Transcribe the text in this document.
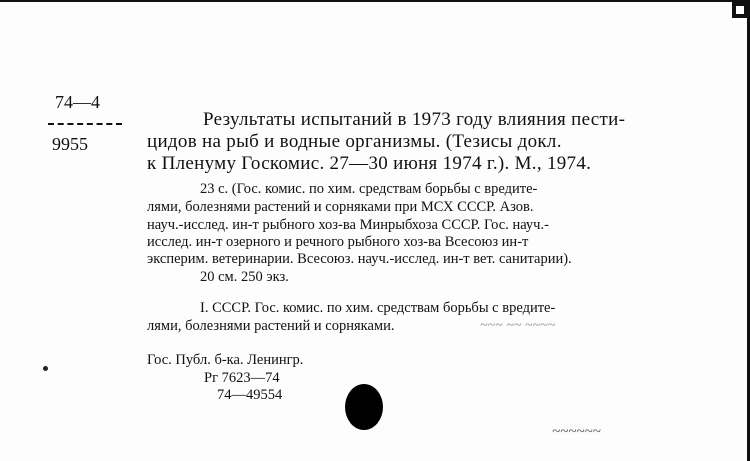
74—4
9955
Результаты испытаний в 1973 году влияния пести-
цидов на рыб и водные организмы. (Тезисы докл.
к Пленуму Госкомис. 27—30 июня 1974 г.). М., 1974.
23 с. (Гос. комис. по хим. средствам борьбы с вредите-
лями, болезнями растений и сорняками при МСХ СССР. Азов.
науч.-исслед. ин-т рыбного хоз-ва Минрыбхоза СССР. Гос. науч.-
исслед. ин-т озерного и речного рыбного хоз-ва Всесоюз ин-т
эксперим. ветеринарии. Всесоюз. науч.-исслед. ин-т вет. санитарии).
20 см. 250 экз.
I. СССР. Гос. комис. по хим. средствам борьбы с вредите-
лями, болезнями растений и сорняками.	~~~ ~~ ~~~~
Гос. Публ. б-ка. Ленингр.
Рг 7623—74
74—49554
~~~~~~
